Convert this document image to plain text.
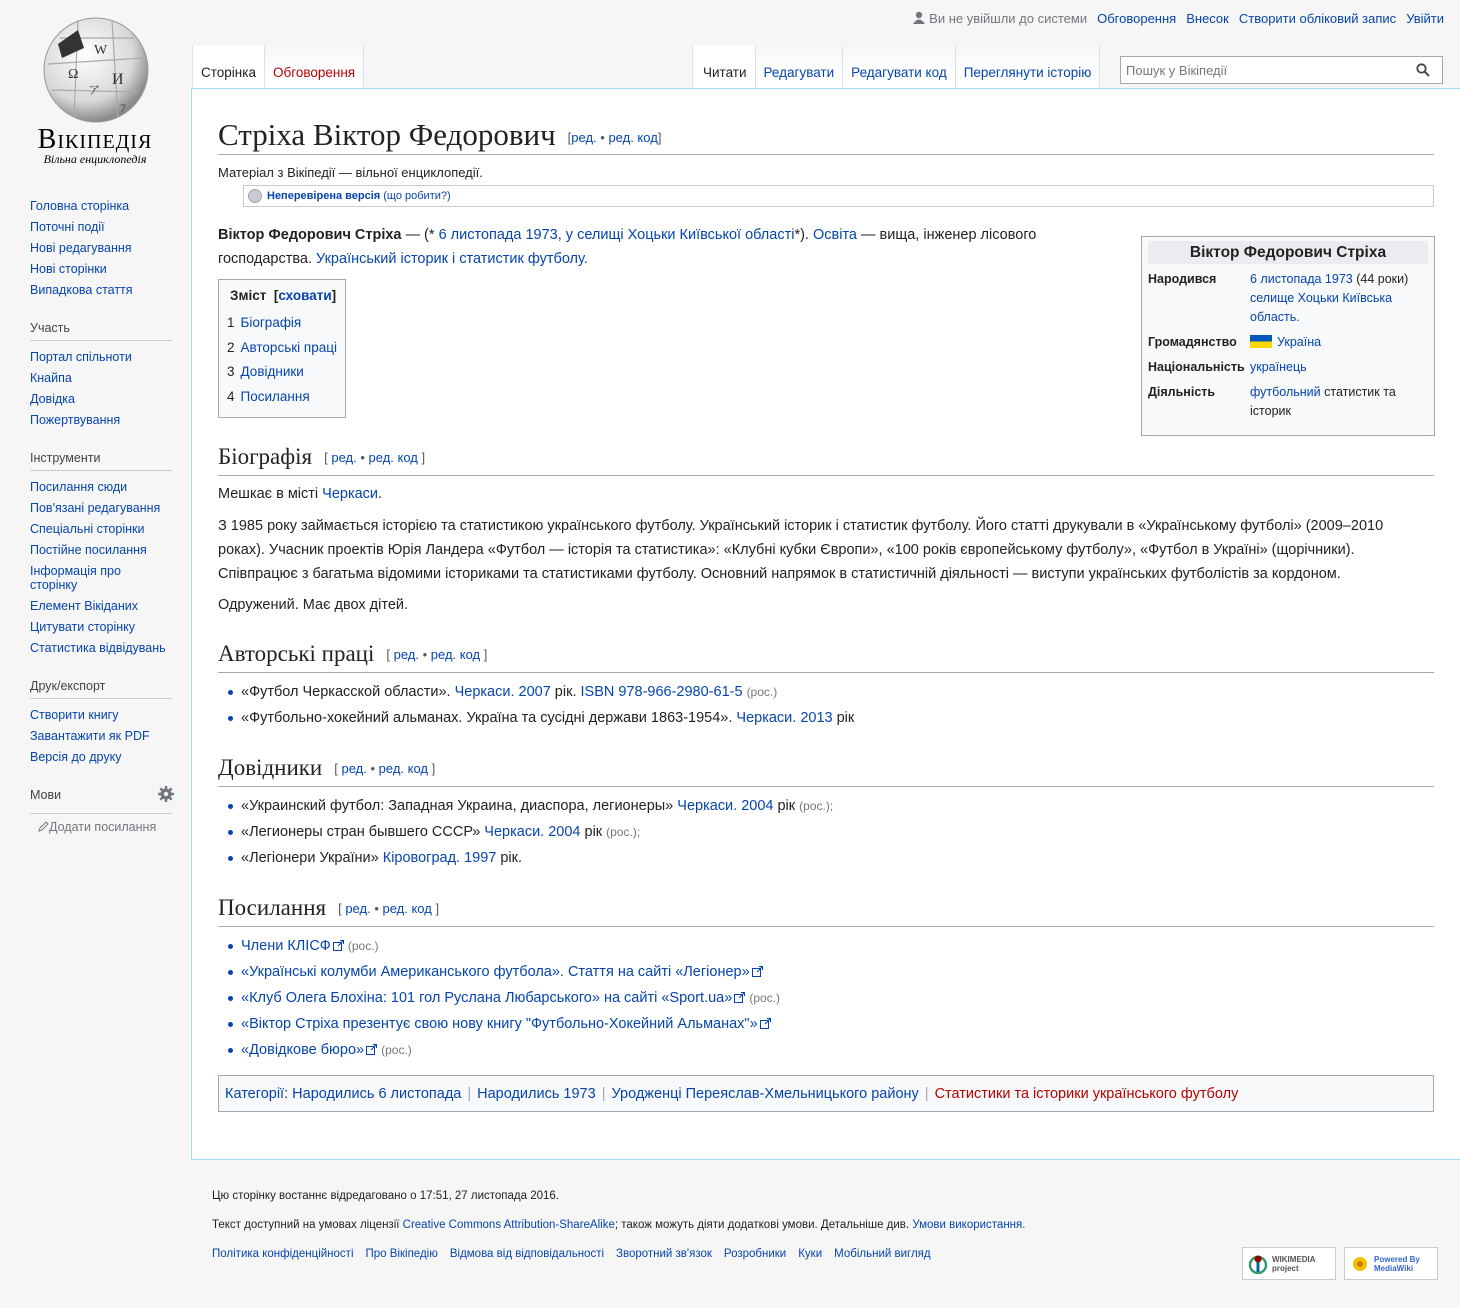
W
Ω И
ア
7
Вікіпедія
Вільна енциклопедія
Ви не увійшли до системи Обговорення Внесок Створити обліковий запис Увійти
Сторінка	Обговорення	Читати	Редагувати	Редагувати код	Переглянути історію
Пошук у Вікіпедії
Головна сторінка
Поточні події
Нові редагування
Нові сторінки
Випадкова стаття
Участь
Портал спільноти
Кнайпа
Довідка
Пожертвування
Інструменти
Посилання сюди
Пов'язані редагування
Спеціальні сторінки
Постійне посилання
Інформація про сторінку
Елемент Вікіданих
Цитувати сторінку
Статистика відвідувань
Друк/експорт
Створити книгу
Завантажити як PDF
Версія до друку
Мови
Додати посилання
Стріха Віктор Федорович [ред. • ред. код]
Матеріал з Вікіпедії — вільної енциклопедії.
Неперевірена версія
(що робити?)
Віктор Федорович Стріха
Народився	6 листопада 1973 (44 роки)
селище Хоцьки Київська область.
Громадянство	Україна
Національність українець
Діяльність	футбольний статистик та історик

Віктор Федорович Стріха — (* 6 листопада 1973, у селищі Хоцьки Київської області*). Освіта — вища, інженер лісового господарства. Український історик і статистик футболу.

Зміст  [сховати]
1 Біографія
2 Авторські праці
3 Довідники
4 Посилання
Біографія [ ред. • ред. код ]

Мешкає в місті Черкаси.

З 1985 року займається історією та статистикою українського футболу. Український історик і статистик футболу. Його статті друкували в «Українському футболі» (2009–2010 роках). Учасник проектів Юрія Ландера «Футбол — історія та статистика»: «Клубні кубки Європи», «100 років європейському футболу», «Футбол в Україні» (щорічники).

Співпрацює з багатьма відомими істориками та статистиками футболу. Основний напрямок в статистичній діяльності — виступи українських футболістів за кордоном.

Одружений. Має двох дітей.

Авторські праці [ ред. • ред. код ]
«Футбол Черкасской области». Черкаси. 2007 рік. ISBN 978-966-2980-61-5 (рос.)
«Футбольно-хокейний альманах. Україна та сусідні держави 1863-1954». Черкаси. 2013 рік
Довідники [ ред. • ред. код ]
«Украинский футбол: Западная Украина, диаспора, легионеры» Черкаси. 2004 рік (рос.);
«Легионеры стран бывшего СССР» Черкаси. 2004 рік (рос.);
«Легіонери України» Кіровоград. 1997 рік.
Посилання [ ред. • ред. код ]
Члени КЛІСФ (рос.)
«Українські колумби Американського футбола». Стаття на сайті «Легіонер»
«Клуб Олега Блохіна: 101 гол Руслана Любарського» на сайті «Sport.ua» (рос.)
«Віктор Стріха презентує свою нову книгу "Футбольно-Хокейний Альманах"»
«Довідкове бюро» (рос.)
Категорії : Народились 6 листопада | Народились 1973 | Уродженці Переяслав-Хмельницького району | Статистики та історики українського футболу
Цю сторінку востаннє відредаговано о 17:51, 27 листопада 2016.
Текст доступний на умовах ліцензії Creative Commons Attribution-ShareAlike; також можуть діяти додаткові умови. Детальніше див. Умови використання.
Політика конфіденційності Про Вікіпедію Відмова від відповідальності Зворотний зв'язок Розробники Куки Мобільний вигляд	WIKIMEDIA project
Powered By MediaWiki
